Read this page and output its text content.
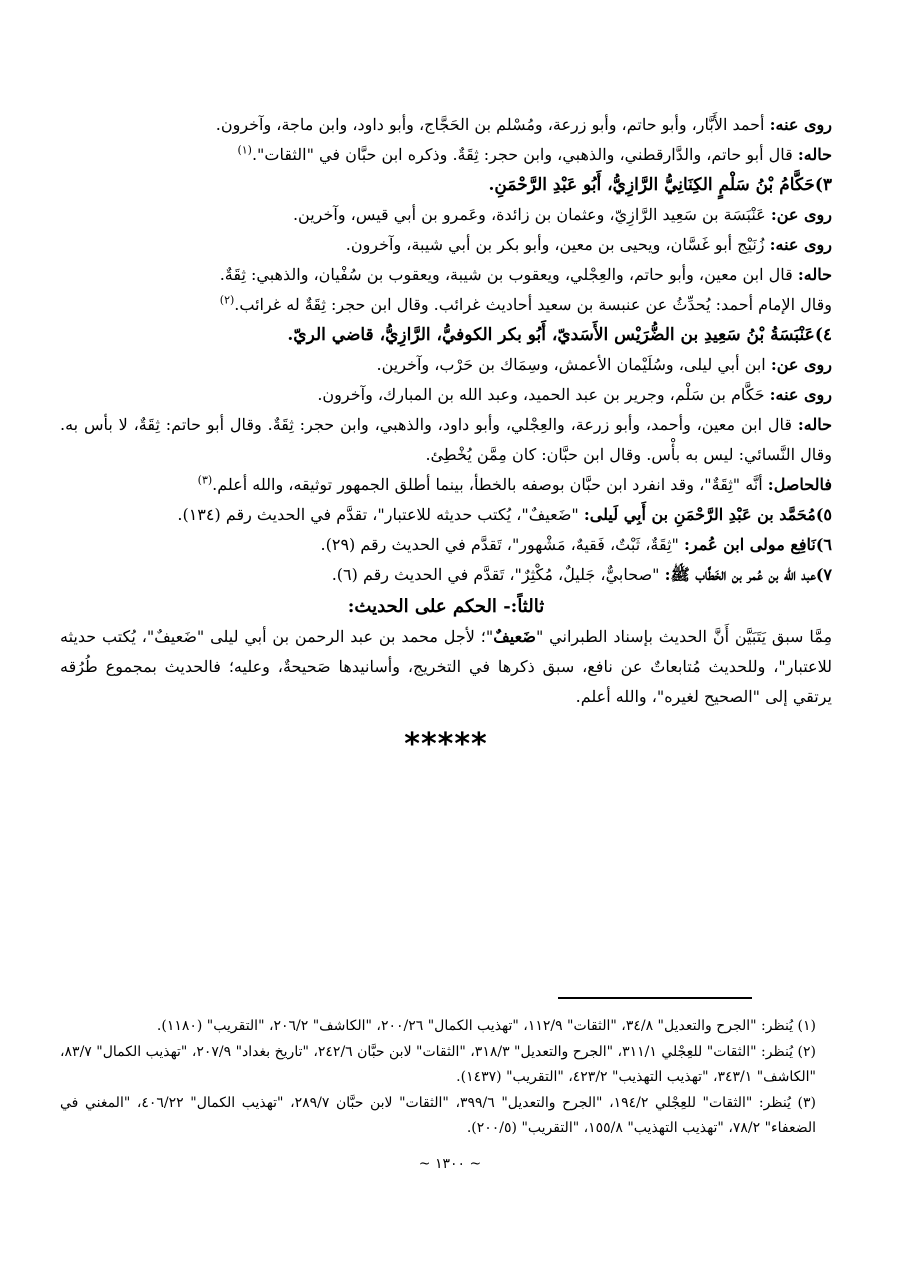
روى عنه: أحمد الأَبَّار، وأبو حاتم، وأبو زرعة، ومُسْلم بن الحَجَّاج، وأبو داود، وابن ماجة، وآخرون.

حاله: قال أبو حاتم، والدَّارقطني، والذهبي، وابن حجر: ثِقَةٌ. وذكره ابن حبَّان في "الثقات".$^{(١)}$

٣)حَكَّامُ بْنُ سَلْمٍ الكِنَانِيُّ الرَّازِيُّ، أَبُو عَبْدِ الرَّحْمَنِ.

روى عن: عَنْبَسَة بن سَعِيد الرَّازِيّ، وعثمان بن زائدة، وعَمرو بن أبي قيس، وآخرين.

روى عنه: زُنَيْج أبو غَسَّان، ويحيى بن معين، وأبو بكر بن أبي شيبة، وآخرون.

حاله: قال ابن معين، وأبو حاتم، والعِجْلي، ويعقوب بن شيبة، ويعقوب بن سُفْيان، والذهبي: ثِقَةٌ.

وقال الإمام أحمد: يُحدِّثُ عن عنبسة بن سعيد أحاديث غرائب. وقال ابن حجر: ثِقَةٌ له غرائب.$^{(٢)}$

٤)عَنْبَسَةُ بْنُ سَعِيدِ بن الضُّرَيْس الأَسَديّ، أَبُو بكر الكوفيُّ، الرَّازِيُّ، قاضي الريّ.

روى عن: ابن أبي ليلى، وسُلَيْمان الأعمش، وسِمَاك بن حَرْب، وآخرين.

روى عنه: حَكَّام بن سَلْم، وجرير بن عبد الحميد، وعبد الله بن المبارك، وآخرون.

حاله: قال ابن معين، وأحمد، وأبو زرعة، والعِجْلي، وأبو داود، والذهبي، وابن حجر: ثِقَةٌ. وقال أبو حاتم: ثِقَةٌ، لا بأس به. وقال النَّسائي: ليس به بأْس. وقال ابن حبَّان: كان مِمَّن يُخْطِئ.

فالحاصل: أنَّه "ثِقَةٌ"، وقد انفرد ابن حبَّان بوصفه بالخطأ، بينما أطلق الجمهور توثيقه، والله أعلم.$^{(٣)}$

٥)مُحَمَّد بن عَبْدِ الرَّحْمَنِ بن أَبِي لَيلى: "ضَعيفٌ"، يُكتب حديثه للاعتبار"، تقدَّم في الحديث رقم (١٣٤).

٦)نَافِع مولى ابن عُمر: "ثِقَةٌ، ثَبْتٌ، فَقيهٌ، مَشْهور"، تَقدَّم في الحديث رقم (٢٩).

٧)عبد الله بن عُمر بن الخَطَّاب ﷺ: "صحابيٌّ، جَليلٌ، مُكْثِرٌ"، تَقدَّم في الحديث رقم (٦).

ثالثاً:- الحكم على الحديث:

مِمَّا سبق يَتَبَيَّن أَنَّ الحديث بإسناد الطبراني "ضَعيفٌ"؛ لأجل محمد بن عبد الرحمن بن أبي ليلى "ضَعيفٌ"، يُكتب حديثه للاعتبار"، وللحديث مُتابعاتٌ عن نافع، سبق ذكرها في التخريج، وأسانيدها صَحيحةٌ، وعليه؛ فالحديث بمجموع طُرُقه يرتقي إلى "الصحيح لغيره"، والله أعلم.

*****

(١) يُنظر: "الجرح والتعديل" ٣٤/٨، "الثقات" ١١٢/٩، "تهذيب الكمال" ٢٠٠/٢٦، "الكاشف" ٢٠٦/٢، "التقريب" (١١٨٠).

(٢) يُنظر: "الثقات" للعِجْلي ٣١١/١، "الجرح والتعديل" ٣١٨/٣، "الثقات" لابن حبَّان ٢٤٢/٦، "تاريخ بغداد" ٢٠٧/٩، "تهذيب الكمال" ٨٣/٧، "الكاشف" ٣٤٣/١، "تهذيب التهذيب" ٤٢٣/٢، "التقريب" (١٤٣٧).

(٣) يُنظر: "الثقات" للعِجْلي ١٩٤/٢، "الجرح والتعديل" ٣٩٩/٦، "الثقات" لابن حبَّان ٢٨٩/٧، "تهذيب الكمال" ٤٠٦/٢٢، "المغني في الضعفاء" ٧٨/٢، "تهذيب التهذيب" ١٥٥/٨، "التقريب" (٢٠٠/٥).

~ ١٣٠٠ ~
